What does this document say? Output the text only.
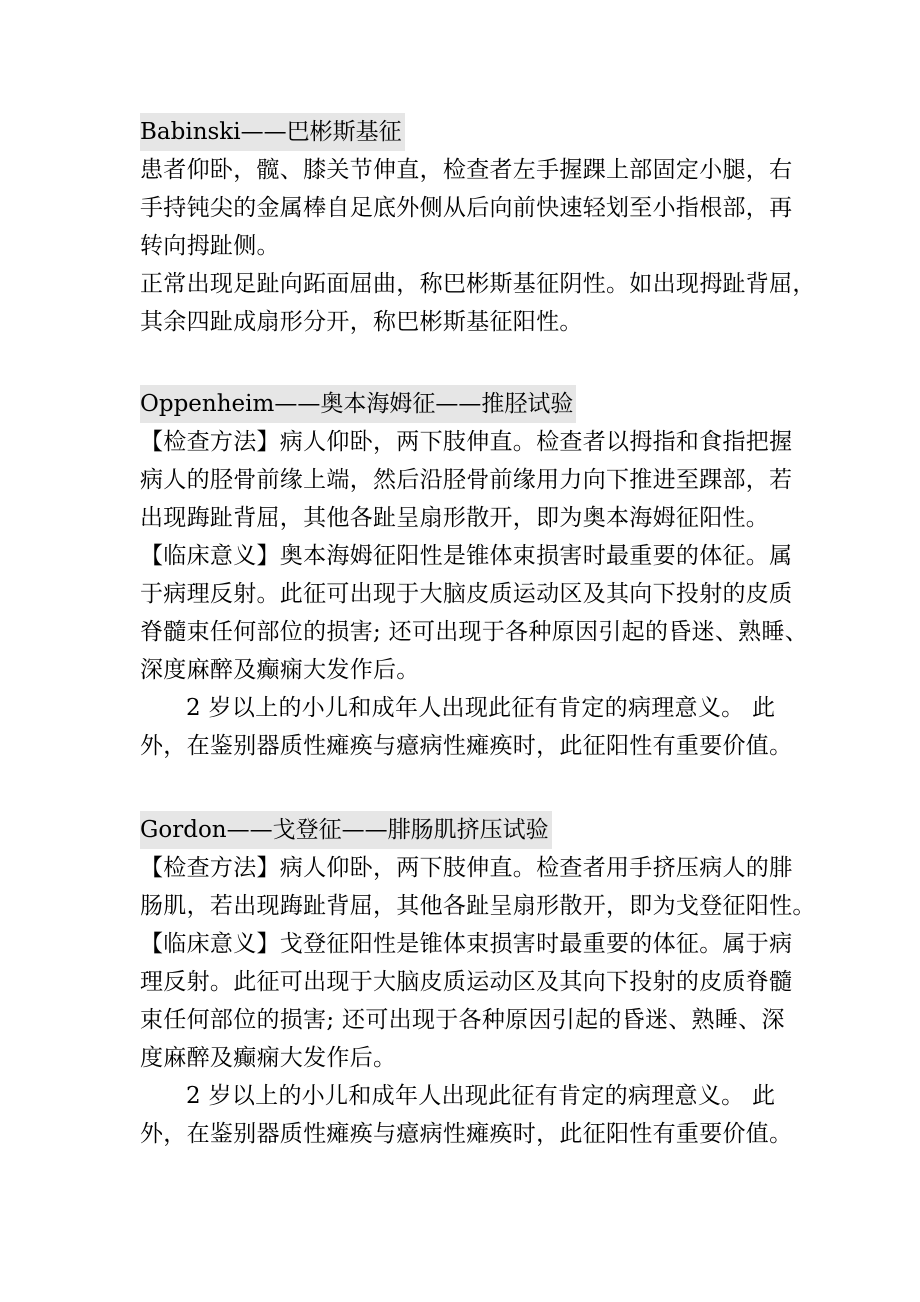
Babinski——巴彬斯基征
患者仰卧，髋、膝关节伸直，检查者左手握踝上部固定小腿，右
手持钝尖的金属棒自足底外侧从后向前快速轻划至小指根部，再
转向拇趾侧。
正常出现足趾向跖面屈曲，称巴彬斯基征阴性。如出现拇趾背屈，
其余四趾成扇形分开，称巴彬斯基征阳性。
Oppenheim——奥本海姆征——推胫试验
【检查方法】病人仰卧，两下肢伸直。检查者以拇指和食指把握
病人的胫骨前缘上端，然后沿胫骨前缘用力向下推进至踝部，若
出现踇趾背屈，其他各趾呈扇形散开，即为奥本海姆征阳性。
【临床意义】奥本海姆征阳性是锥体束损害时最重要的体征。属
于病理反射。此征可出现于大脑皮质运动区及其向下投射的皮质
脊髓束任何部位的损害; 还可出现于各种原因引起的昏迷、熟睡、
深度麻醉及癫痫大发作后。
2 岁以上的小儿和成年人出现此征有肯定的病理意义。 此
外，在鉴别器质性瘫痪与癔病性瘫痪时，此征阳性有重要价值。
Gordon——戈登征——腓肠肌挤压试验
【检查方法】病人仰卧，两下肢伸直。检查者用手挤压病人的腓
肠肌，若出现踇趾背屈，其他各趾呈扇形散开，即为戈登征阳性。
【临床意义】戈登征阳性是锥体束损害时最重要的体征。属于病
理反射。此征可出现于大脑皮质运动区及其向下投射的皮质脊髓
束任何部位的损害; 还可出现于各种原因引起的昏迷、熟睡、深
度麻醉及癫痫大发作后。
2 岁以上的小儿和成年人出现此征有肯定的病理意义。 此
外，在鉴别器质性瘫痪与癔病性瘫痪时，此征阳性有重要价值。
